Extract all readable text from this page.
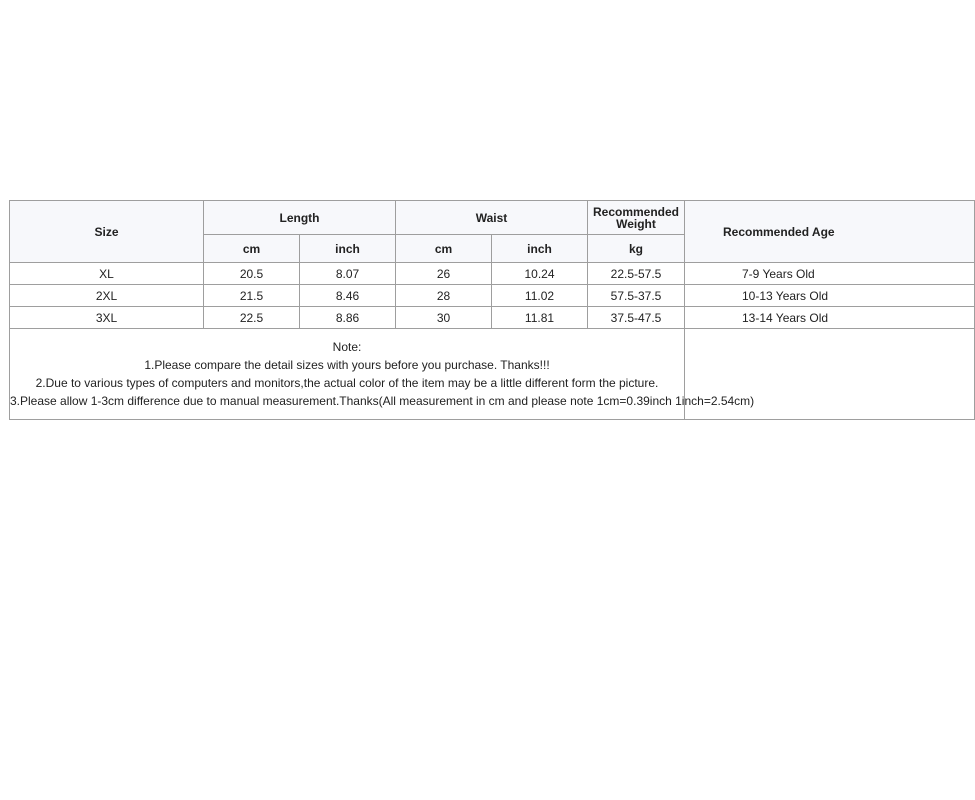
Size	Length		Waist		Recommended Weight	Recommended Age
	cm	inch	cm	inch	kg	
XL	20.5	8.07	26	10.24	22.5-57.5	7-9 Years Old
2XL	21.5	8.46	28	11.02	57.5-37.5	10-13 Years Old
3XL	22.5	8.86	30	11.81	37.5-47.5	13-14 Years Old

Note:
1.Please compare the detail sizes with yours before you purchase. Thanks!!!
2.Due to various types of computers and monitors,the actual color of the item may be a little different form the picture.
3.Please allow 1-3cm difference due to manual measurement.Thanks(All measurement in cm and please note 1cm=0.39inch 1inch=2.54cm)						
